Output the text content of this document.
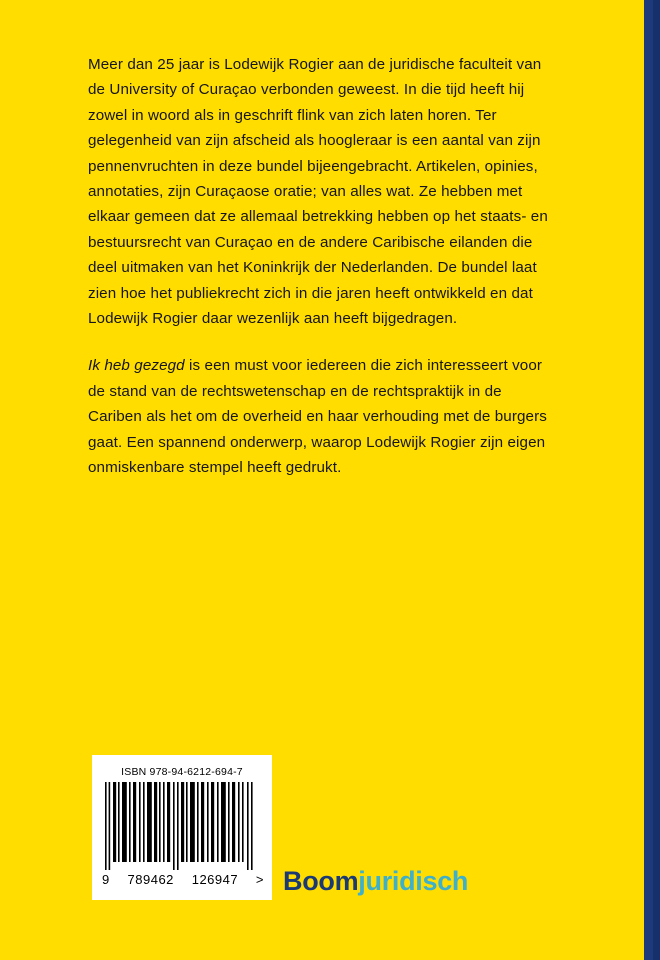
Meer dan 25 jaar is Lodewijk Rogier aan de juridische faculteit van de University of Curaçao verbonden geweest. In die tijd heeft hij zowel in woord als in geschrift flink van zich laten horen. Ter gelegenheid van zijn afscheid als hoogleraar is een aantal van zijn pennenvruchten in deze bundel bijeengebracht. Artikelen, opinies, annotaties, zijn Curaçaose oratie; van alles wat. Ze hebben met elkaar gemeen dat ze allemaal betrekking hebben op het staats- en bestuursrecht van Curaçao en de andere Caribische eilanden die deel uitmaken van het Koninkrijk der Nederlanden. De bundel laat zien hoe het publiekrecht zich in die jaren heeft ontwikkeld en dat Lodewijk Rogier daar wezenlijk aan heeft bijgedragen.

Ik heb gezegd is een must voor iedereen die zich interesseert voor de stand van de rechtswetenschap en de rechtspraktijk in de Cariben als het om de overheid en haar verhouding met de burgers gaat. Een spannend onderwerp, waarop Lodewijk Rogier zijn eigen onmiskenbare stempel heeft gedrukt.

ISBN 978-94-6212-694-7
9 789462 126947 > Boomjuridisch
